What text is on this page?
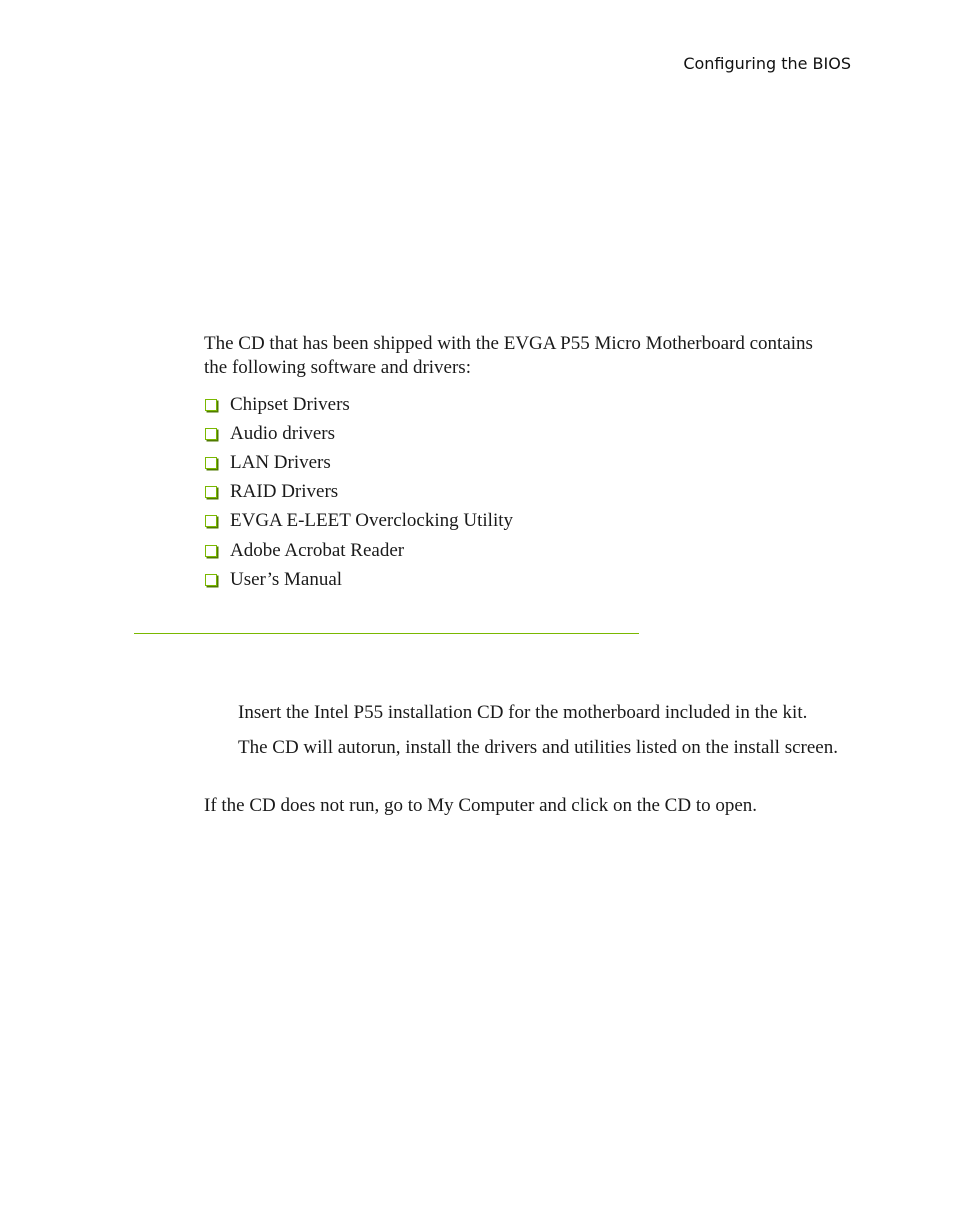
Configuring the BIOS

The CD that has been shipped with the EVGA P55 Micro Motherboard contains the following software and drivers:

Chipset Drivers
Audio drivers
LAN Drivers
RAID Drivers
EVGA E-LEET Overclocking Utility
Adobe Acrobat Reader
User’s Manual

Insert the Intel P55 installation CD for the motherboard included in the kit.

The CD will autorun, install the drivers and utilities listed on the install screen.

If the CD does not run, go to My Computer and click on the CD to open.
